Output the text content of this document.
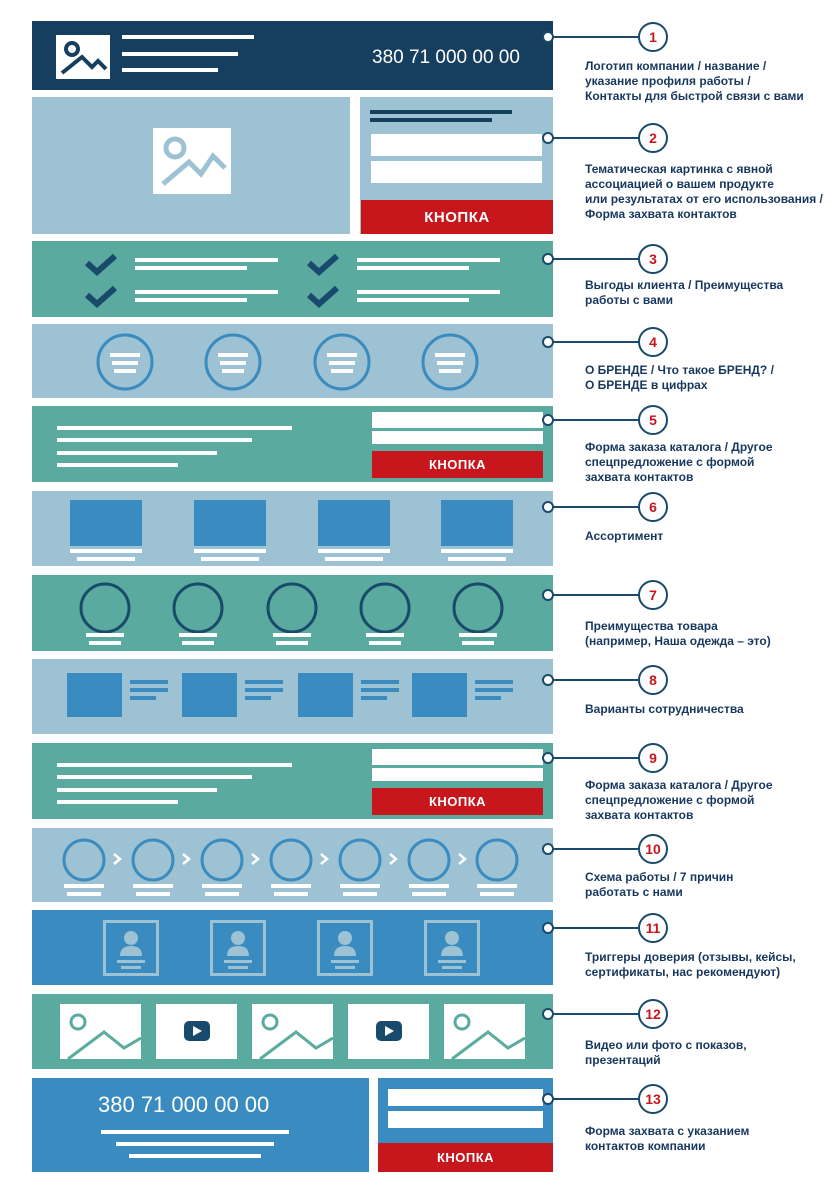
380 71 000 00 00
КНОПКА
КНОПКА
КНОПКА
380 71 000 00 00
КНОПКА
1
Логотип компании / название /
указание профиля работы /
Контакты для быстрой связи с вами
2
Тематическая картинка с явной
ассоциацией о вашем продукте
или результатах от его использования /
Форма захвата контактов
3
Выгоды клиента / Преимущества
работы с вами
4
О БРЕНДЕ / Что такое БРЕНД? /
О БРЕНДЕ в цифрах
5
Форма заказа каталога / Другое
спецпредложение с формой
захвата контактов
6
Ассортимент
7
Преимущества товара
(например, Наша одежда – это)
8
Варианты сотрудничества
9
Форма заказа каталога / Другое
спецпредложение с формой
захвата контактов
10
Схема работы / 7 причин
работать с нами
11
Триггеры доверия (отзывы, кейсы,
сертификаты, нас рекомендуют)
12
Видео или фото с показов,
презентаций
13
Форма захвата с указанием
контактов компании
